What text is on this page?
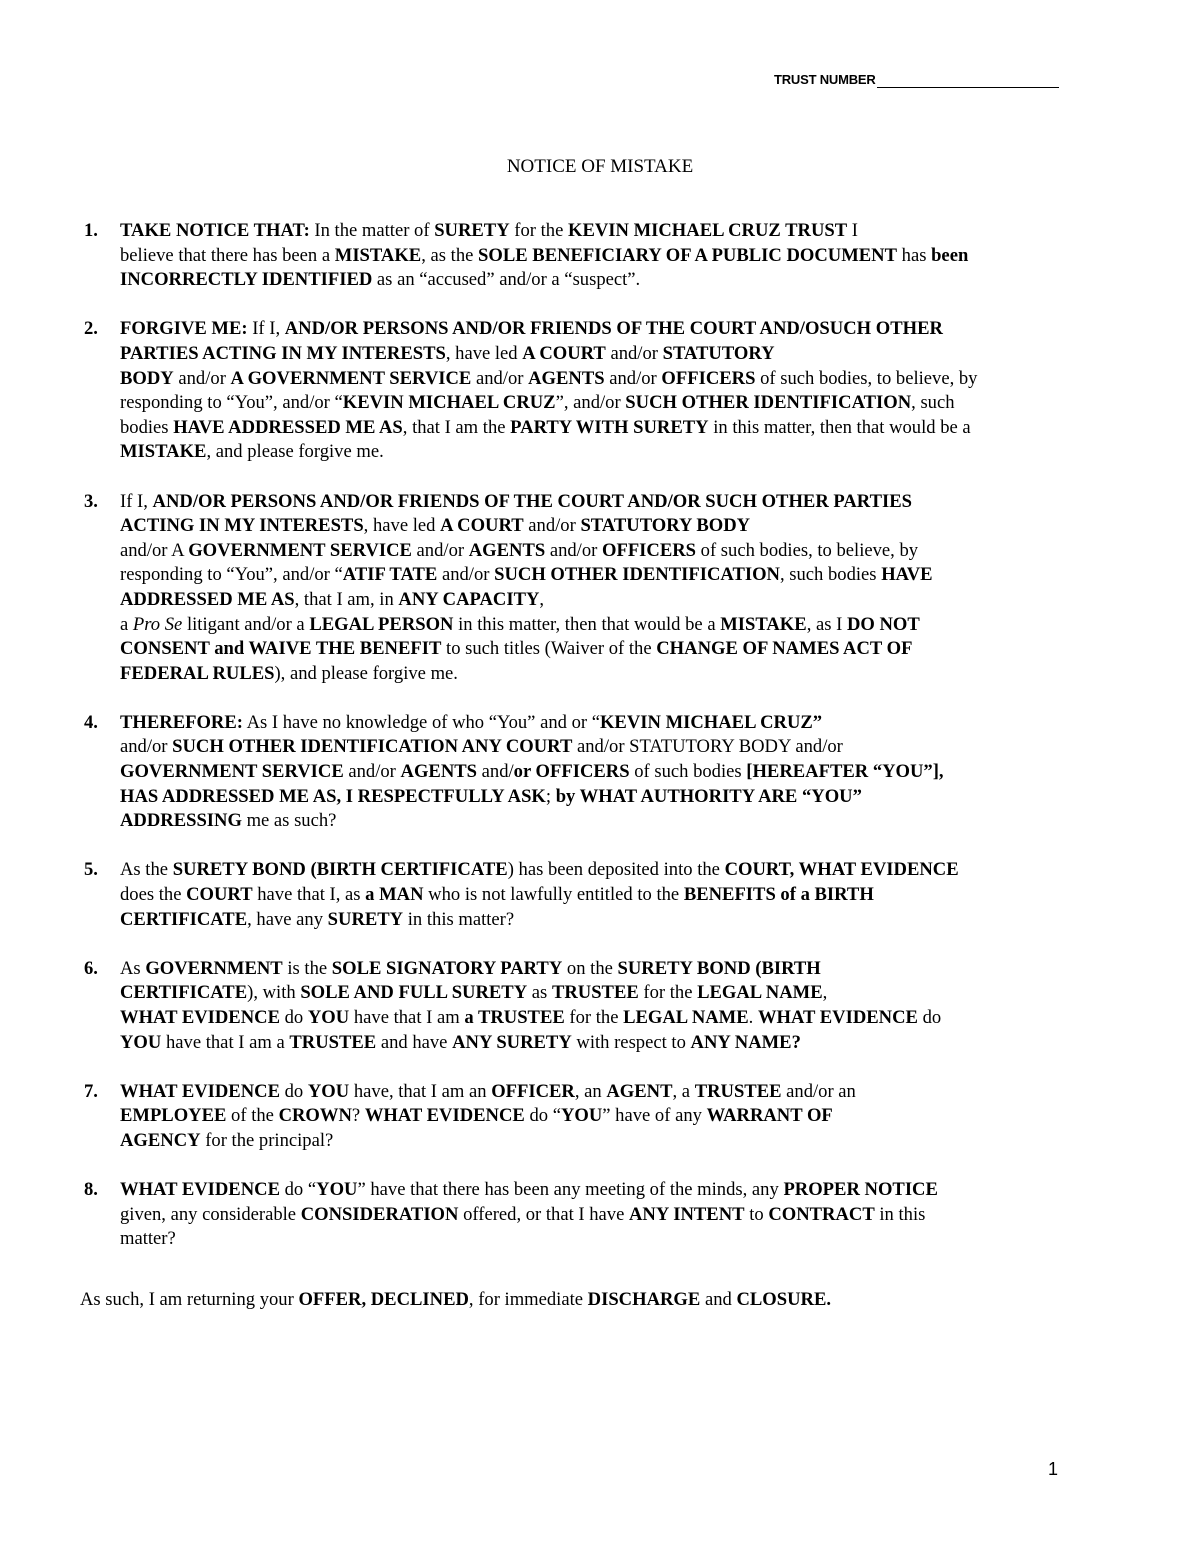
TRUST NUMBER
NOTICE OF MISTAKE
1. TAKE NOTICE THAT: In the matter of SURETY for the KEVIN MICHAEL CRUZ TRUST I
believe that there has been a MISTAKE, as the SOLE BENEFICIARY OF A PUBLIC DOCUMENT has been
INCORRECTLY IDENTIFIED as an “accused” and/or a “suspect”.

2. FORGIVE ME: If I, AND/OR PERSONS AND/OR FRIENDS OF THE COURT AND/OSUCH OTHER
PARTIES ACTING IN MY INTERESTS, have led A COURT and/or STATUTORY
BODY and/or A GOVERNMENT SERVICE and/or AGENTS and/or OFFICERS of such bodies, to believe, by
responding to “You”, and/or “KEVIN MICHAEL CRUZ”, and/or SUCH OTHER IDENTIFICATION, such
bodies HAVE ADDRESSED ME AS, that I am the PARTY WITH SURETY in this matter, then that would be a
MISTAKE, and please forgive me.

3. If I, AND/OR PERSONS AND/OR FRIENDS OF THE COURT AND/OR SUCH OTHER PARTIES
ACTING IN MY INTERESTS, have led A COURT and/or STATUTORY BODY
and/or A GOVERNMENT SERVICE and/or AGENTS and/or OFFICERS of such bodies, to believe, by
responding to “You”, and/or “ATIF TATE and/or SUCH OTHER IDENTIFICATION, such bodies HAVE
ADDRESSED ME AS, that I am, in ANY CAPACITY,
a Pro Se litigant and/or a LEGAL PERSON in this matter, then that would be a MISTAKE, as I DO NOT
CONSENT and WAIVE THE BENEFIT to such titles (Waiver of the CHANGE OF NAMES ACT OF
FEDERAL RULES), and please forgive me.

4. THEREFORE: As I have no knowledge of who “You” and or “KEVIN MICHAEL CRUZ”
and/or SUCH OTHER IDENTIFICATION ANY COURT and/or STATUTORY BODY and/or
GOVERNMENT SERVICE and/or AGENTS and/or OFFICERS of such bodies [HEREAFTER “YOU”],
HAS ADDRESSED ME AS, I RESPECTFULLY ASK; by WHAT AUTHORITY ARE “YOU”
ADDRESSING me as such?

5. As the SURETY BOND (BIRTH CERTIFICATE) has been deposited into the COURT, WHAT EVIDENCE
does the COURT have that I, as a MAN who is not lawfully entitled to the BENEFITS of a BIRTH
CERTIFICATE, have any SURETY in this matter?

6. As GOVERNMENT is the SOLE SIGNATORY PARTY on the SURETY BOND (BIRTH
CERTIFICATE), with SOLE AND FULL SURETY as TRUSTEE for the LEGAL NAME,
WHAT EVIDENCE do YOU have that I am a TRUSTEE for the LEGAL NAME. WHAT EVIDENCE do
YOU have that I am a TRUSTEE and have ANY SURETY with respect to ANY NAME?

7. WHAT EVIDENCE do YOU have, that I am an OFFICER, an AGENT, a TRUSTEE and/or an
EMPLOYEE of the CROWN? WHAT EVIDENCE do “YOU” have of any WARRANT OF
AGENCY for the principal?

8. WHAT EVIDENCE do “YOU” have that there has been any meeting of the minds, any PROPER NOTICE
given, any considerable CONSIDERATION offered, or that I have ANY INTENT to CONTRACT in this
matter?

As such, I am returning your OFFER, DECLINED, for immediate DISCHARGE and CLOSURE.

1
